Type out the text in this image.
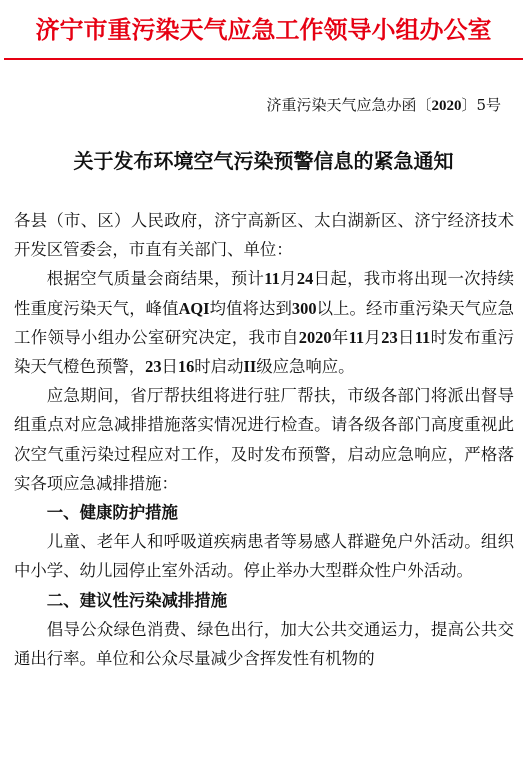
济宁市重污染天气应急工作领导小组办公室
济重污染天气应急办函〔2020〕5号
关于发布环境空气污染预警信息的紧急通知

各县（市、区）人民政府，济宁高新区、太白湖新区、济宁经济技术开发区管委会，市直有关部门、单位：

根据空气质量会商结果，预计11月24日起，我市将出现一次持续性重度污染天气，峰值AQI均值将达到300以上。经市重污染天气应急工作领导小组办公室研究决定，我市自2020年11月23日11时发布重污染天气橙色预警，23日16时启动II级应急响应。

应急期间，省厅帮扶组将进行驻厂帮扶，市级各部门将派出督导组重点对应急减排措施落实情况进行检查。请各级各部门高度重视此次空气重污染过程应对工作，及时发布预警，启动应急响应，严格落实各项应急减排措施：

一、健康防护措施

儿童、老年人和呼吸道疾病患者等易感人群避免户外活动。组织中小学、幼儿园停止室外活动。停止举办大型群众性户外活动。

二、建议性污染减排措施

倡导公众绿色消费、绿色出行，加大公共交通运力，提高公共交通出行率。单位和公众尽量减少含挥发性有机物的
